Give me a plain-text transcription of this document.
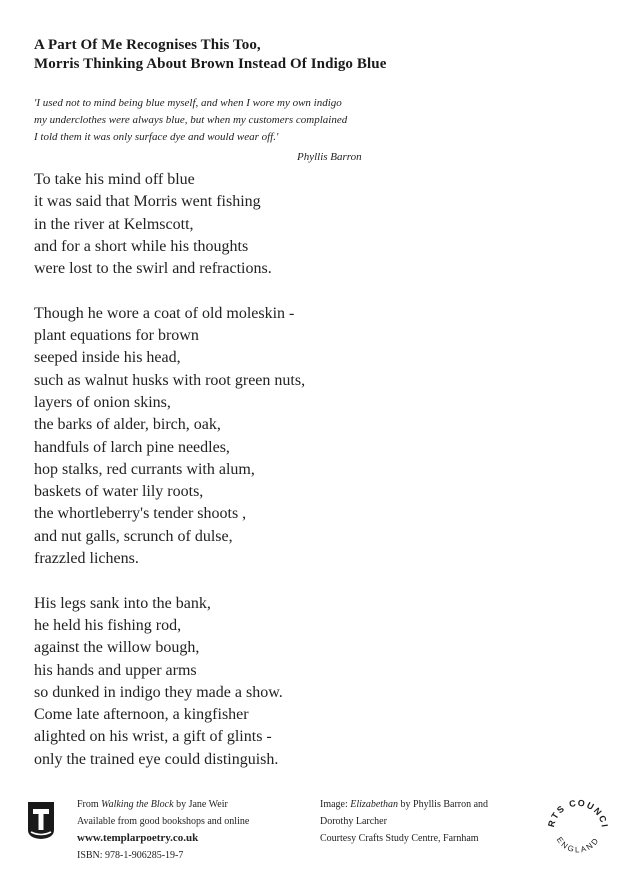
A Part Of Me Recognises This Too,
Morris Thinking About Brown Instead Of Indigo Blue
'I used not to mind being blue myself, and when I wore my own indigo
my underclothes were always blue, but when my customers complained
I told them it was only surface dye and would wear off.'
Phyllis Barron
To take his mind off blue
it was said that Morris went fishing
in the river at Kelmscott,
and for a short while his thoughts
were lost to the swirl and refractions.
Though he wore a coat of old moleskin -
plant equations for brown
seeped inside his head,
such as walnut husks with root green nuts,
layers of onion skins,
the barks of alder, birch, oak,
handfuls of larch pine needles,
hop stalks, red currants with alum,
baskets of water lily roots,
the whortleberry's tender shoots ,
and nut galls, scrunch of dulse,
frazzled lichens.
His legs sank into the bank,
he held his fishing rod,
against the willow bough,
his hands and upper arms
so dunked in indigo they made a show.
Come late afternoon, a kingfisher
alighted on his wrist, a gift of glints -
only the trained eye could distinguish.
From Walking the Block by Jane Weir
Available from good bookshops and online
www.templarpoetry.co.uk
ISBN: 978-1-906285-19-7
Image: Elizabethan by Phyllis Barron and
Dorothy Larcher
Courtesy Crafts Study Centre, Farnham
RTS COUNCI
ENGLAND
